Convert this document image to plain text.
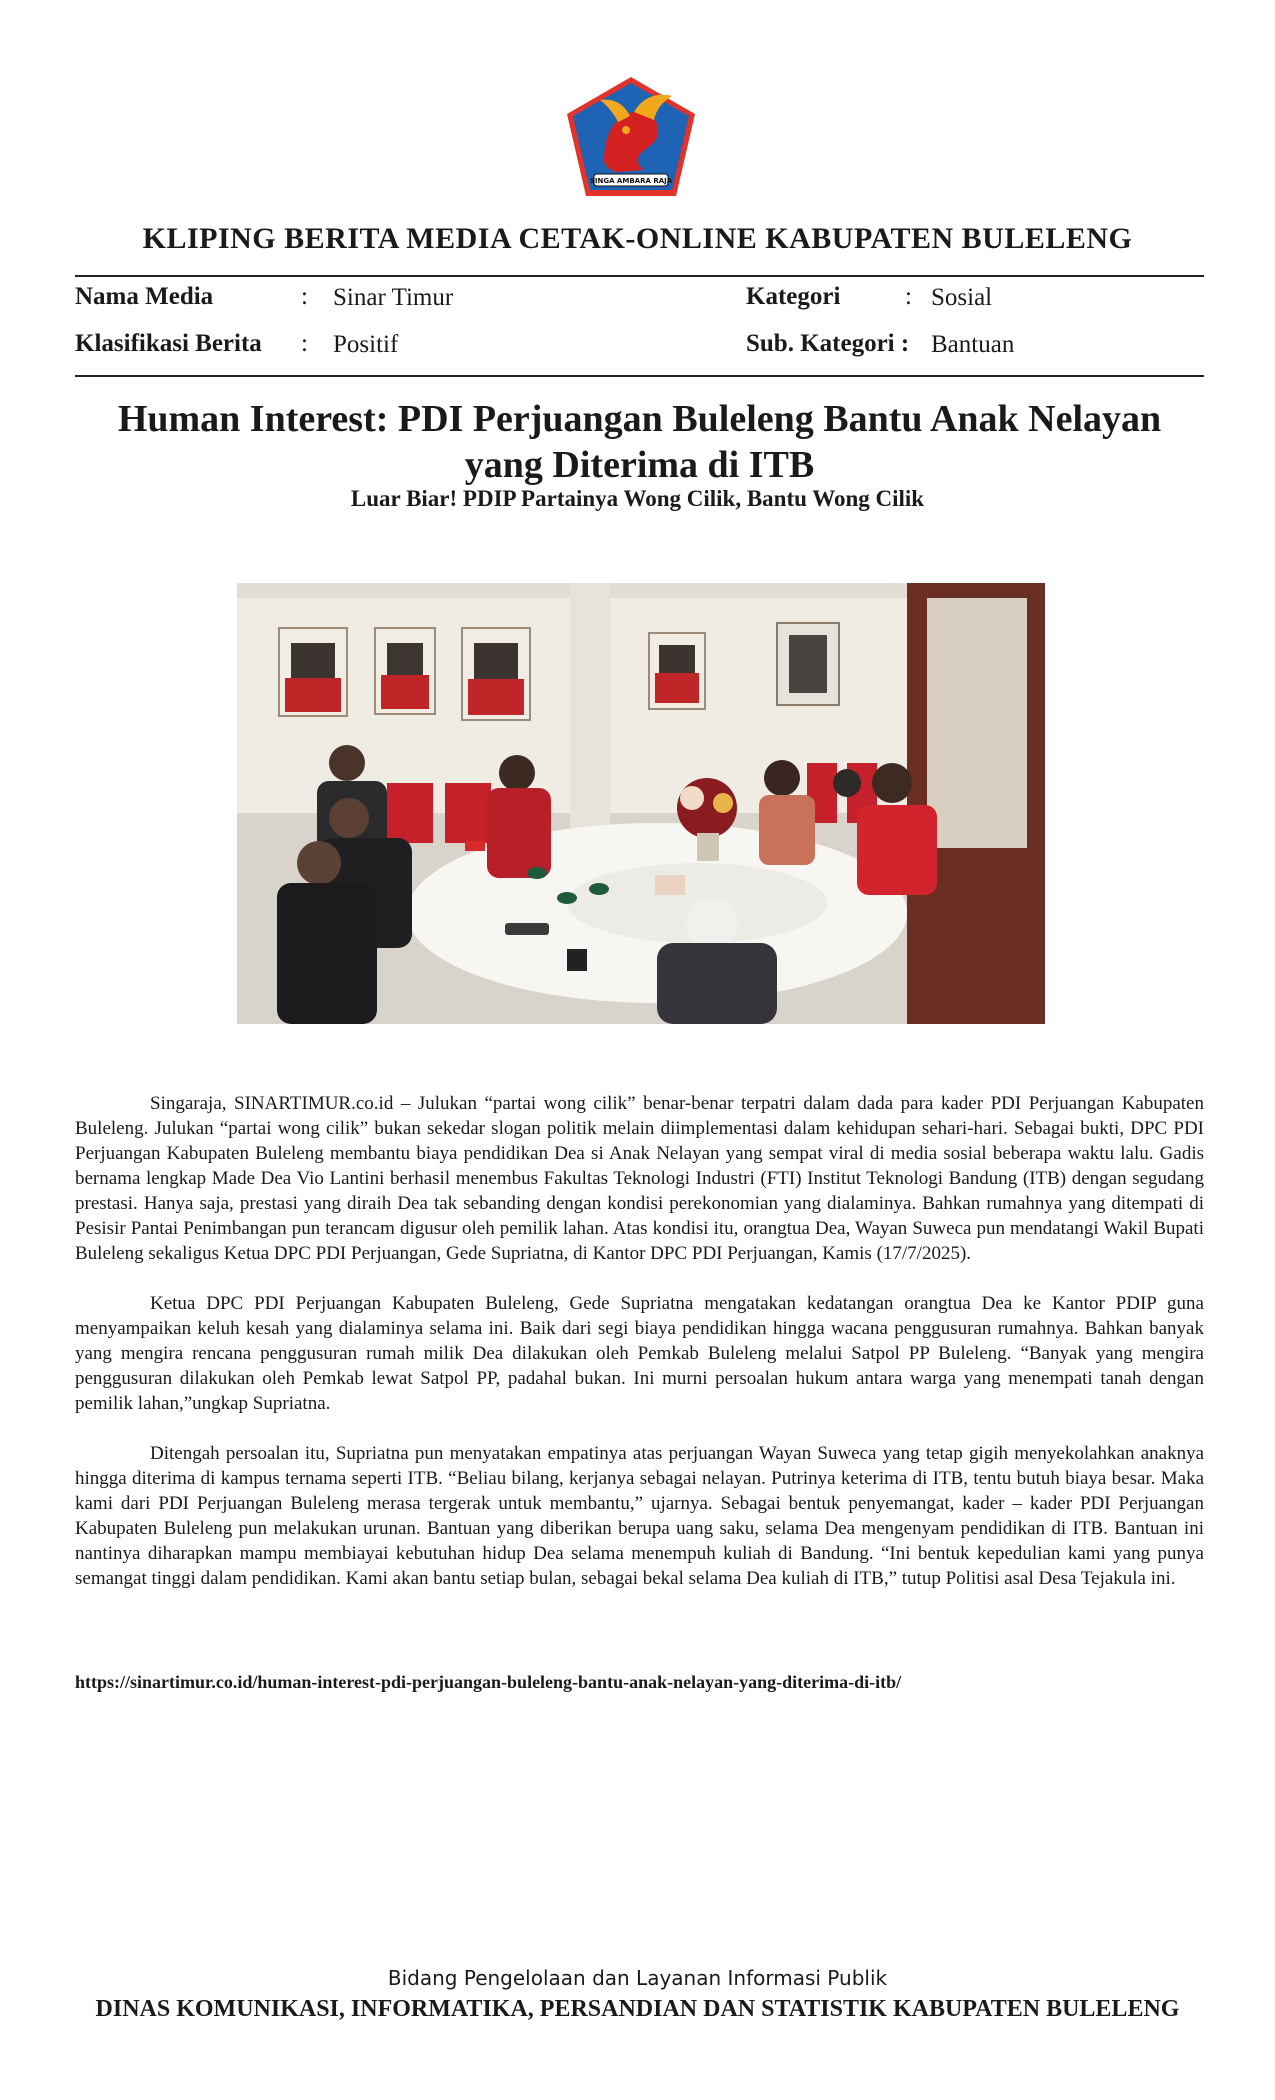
SINGA AMBARA RAJA
KLIPING BERITA MEDIA CETAK-ONLINE KABUPATEN BULELENG
Nama Media	: Sinar Timur	Kategori	: Sosial
Klasifikasi Berita : Positif	Sub. Kategori : Bantuan
Human Interest: PDI Perjuangan Buleleng Bantu Anak Nelayan yang Diterima di ITB
Luar Biar! PDIP Partainya Wong Cilik, Bantu Wong Cilik

Singaraja, SINARTIMUR.co.id – Julukan “partai wong cilik” benar-benar terpatri dalam dada para kader PDI Perjuangan Kabupaten Buleleng. Julukan “partai wong cilik” bukan sekedar slogan politik melain diimplementasi dalam kehidupan sehari-hari. Sebagai bukti, DPC PDI Perjuangan Kabupaten Buleleng membantu biaya pendidikan Dea si Anak Nelayan yang sempat viral di media sosial beberapa waktu lalu. Gadis bernama lengkap Made Dea Vio Lantini berhasil menembus Fakultas Teknologi Industri (FTI) Institut Teknologi Bandung (ITB) dengan segudang prestasi. Hanya saja, prestasi yang diraih Dea tak sebanding dengan kondisi perekonomian yang dialaminya. Bahkan rumahnya yang ditempati di Pesisir Pantai Penimbangan pun terancam digusur oleh pemilik lahan. Atas kondisi itu, orangtua Dea, Wayan Suweca pun mendatangi Wakil Bupati Buleleng sekaligus Ketua DPC PDI Perjuangan, Gede Supriatna, di Kantor DPC PDI Perjuangan, Kamis (17/7/2025).

Ketua DPC PDI Perjuangan Kabupaten Buleleng, Gede Supriatna mengatakan kedatangan orangtua Dea ke Kantor PDIP guna menyampaikan keluh kesah yang dialaminya selama ini. Baik dari segi biaya pendidikan hingga wacana penggusuran rumahnya. Bahkan banyak yang mengira rencana penggusuran rumah milik Dea dilakukan oleh Pemkab Buleleng melalui Satpol PP Buleleng. “Banyak yang mengira penggusuran dilakukan oleh Pemkab lewat Satpol PP, padahal bukan. Ini murni persoalan hukum antara warga yang menempati tanah dengan pemilik lahan,”ungkap Supriatna.

Ditengah persoalan itu, Supriatna pun menyatakan empatinya atas perjuangan Wayan Suweca yang tetap gigih menyekolahkan anaknya hingga diterima di kampus ternama seperti ITB. “Beliau bilang, kerjanya sebagai nelayan. Putrinya keterima di ITB, tentu butuh biaya besar. Maka kami dari PDI Perjuangan Buleleng merasa tergerak untuk membantu,” ujarnya. Sebagai bentuk penyemangat, kader – kader PDI Perjuangan Kabupaten Buleleng pun melakukan urunan. Bantuan yang diberikan berupa uang saku, selama Dea mengenyam pendidikan di ITB. Bantuan ini nantinya diharapkan mampu membiayai kebutuhan hidup Dea selama menempuh kuliah di Bandung. “Ini bentuk kepedulian kami yang punya semangat tinggi dalam pendidikan. Kami akan bantu setiap bulan, sebagai bekal selama Dea kuliah di ITB,” tutup Politisi asal Desa Tejakula ini.

https://sinartimur.co.id/human-interest-pdi-perjuangan-buleleng-bantu-anak-nelayan-yang-diterima-di-itb/
Bidang Pengelolaan dan Layanan Informasi Publik
DINAS KOMUNIKASI, INFORMATIKA, PERSANDIAN DAN STATISTIK KABUPATEN BULELENG
